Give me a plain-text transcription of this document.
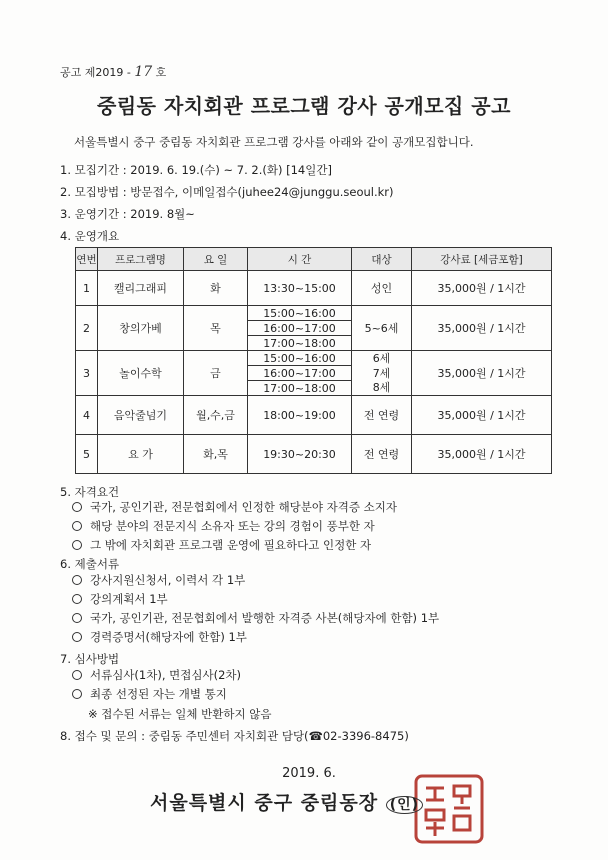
공고 제2019 - 17 호
중림동 자치회관 프로그램 강사 공개모집 공고
서울특별시 중구 중림동 자치회관 프로그램 강사를 아래와 같이 공개모집합니다.
1. 모집기간 : 2019. 6. 19.(수) ~ 7. 2.(화) [14일간]
2. 모집방법 : 방문접수, 이메일접수(juhee24@junggu.seoul.kr)
3. 운영기간 : 2019. 8월~
4. 운영개요
연번	프로그램명	요 일	시 간	대상	강사료 [세금포함]
1	캘리그래피	화	13:30~15:00	성인	35,000원 / 1시간
2	창의가베	목	15:00~16:00	5~6세	35,000원 / 1시간
			16:00~17:00		
			17:00~18:00		
3	놀이수학	금	15:00~16:00	6세	35,000원 / 1시간
			16:00~17:00	7세	
			17:00~18:00	8세	
4	음악줄넘기	월,수,금	18:00~19:00	전 연령	35,000원 / 1시간
5	요 가	화,목	19:30~20:30	전 연령	35,000원 / 1시간
5. 자격요건
국가, 공인기관, 전문협회에서 인정한 해당분야 자격증 소지자
해당 분야의 전문지식 소유자 또는 강의 경험이 풍부한 자
그 밖에 자치회관 프로그램 운영에 필요하다고 인정한 자
6. 제출서류
강사지원신청서, 이력서 각 1부
강의계획서 1부
국가, 공인기관, 전문협회에서 발행한 자격증 사본(해당자에 한함) 1부
경력증명서(해당자에 한함) 1부
7. 심사방법
서류심사(1차), 면접심사(2차)
최종 선정된 자는 개별 통지
※ 접수된 서류는 일체 반환하지 않음
8. 접수 및 문의 : 중림동 주민센터 자치회관 담당(☎02-3396-8475)
2019. 6.
서울특별시 중구 중림동장 (인)
